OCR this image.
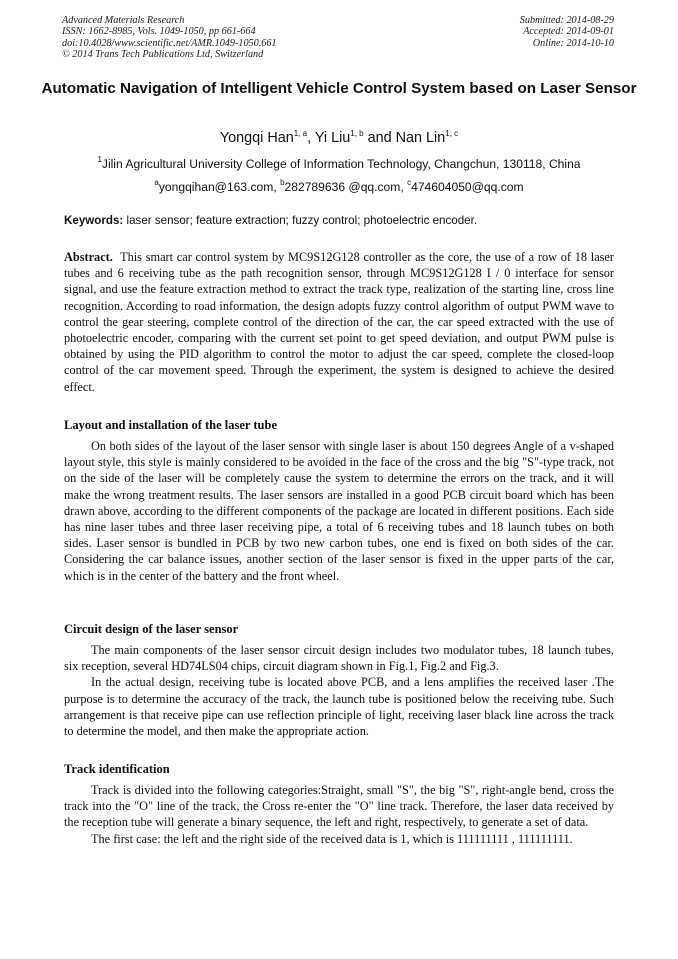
Advanced Materials Research
ISSN: 1662-8985, Vols. 1049-1050, pp 661-664
doi:10.4028/www.scientific.net/AMR.1049-1050.661
© 2014 Trans Tech Publications Ltd, Switzerland
Submitted: 2014-08-29
Accepted: 2014-09-01
Online: 2014-10-10
Automatic Navigation of Intelligent Vehicle Control System based on Laser Sensor
Yongqi Han$^{1, a}$, Yi Liu$^{1, b}$ and Nan Lin$^{1, c}$
$^1$Jilin Agricultural University College of Information Technology, Changchun, 130118, China
$^a$yongqihan@163.com, $^b$282789636 @qq.com, $^c$474604050@qq.com
Keywords: laser sensor; feature extraction; fuzzy control; photoelectric encoder.
Abstract. This smart car control system by MC9S12G128 controller as the core, the use of a row of 18 laser tubes and 6 receiving tube as the path recognition sensor, through MC9S12G128 I / 0 interface for sensor signal, and use the feature extraction method to extract the track type, realization of the starting line, cross line recognition. According to road information, the design adopts fuzzy control algorithm of output PWM wave to control the gear steering, complete control of the direction of the car, the car speed extracted with the use of photoelectric encoder, comparing with the current set point to get speed deviation, and output PWM pulse is obtained by using the PID algorithm to control the motor to adjust the car speed, complete the closed-loop control of the car movement speed. Through the experiment, the system is designed to achieve the desired effect.
Layout and installation of the laser tube

On both sides of the layout of the laser sensor with single laser is about 150 degrees Angle of a v-shaped layout style, this style is mainly considered to be avoided in the face of the cross and the big "S"-type track, not on the side of the laser will be completely cause the system to determine the errors on the track, and it will make the wrong treatment results. The laser sensors are installed in a good PCB circuit board which has been drawn above, according to the different components of the package are located in different positions. Each side has nine laser tubes and three laser receiving pipe, a total of 6 receiving tubes and 18 launch tubes on both sides. Laser sensor is bundled in PCB by two new carbon tubes, one end is fixed on both sides of the car. Considering the car balance issues, another section of the laser sensor is fixed in the upper parts of the car, which is in the center of the battery and the front wheel.

Circuit design of the laser sensor

The main components of the laser sensor circuit design includes two modulator tubes, 18 launch tubes, six reception, several HD74LS04 chips, circuit diagram shown in Fig.1, Fig.2 and Fig.3.

In the actual design, receiving tube is located above PCB, and a lens amplifies the received laser .The purpose is to determine the accuracy of the track, the launch tube is positioned below the receiving tube. Such arrangement is that receive pipe can use reflection principle of light, receiving laser black line across the track to determine the model, and then make the appropriate action.

Track identification

Track is divided into the following categories:Straight, small "S", the big "S", right-angle bend, cross the track into the "O" line of the track, the Cross re-enter the "O" line track. Therefore, the laser data received by the reception tube will generate a binary sequence, the left and right, respectively, to generate a set of data.

The first case: the left and the right side of the received data is 1, which is 111111111 , 111111111.
